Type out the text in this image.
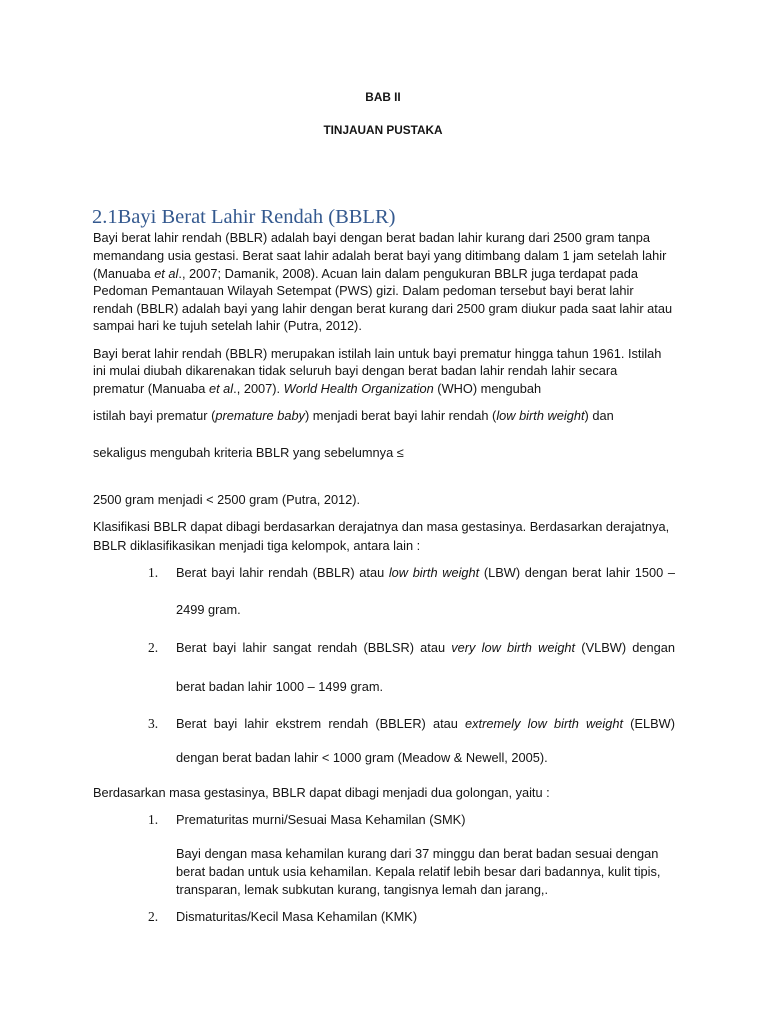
BAB II
TINJAUAN PUSTAKA
2.1Bayi Berat Lahir Rendah (BBLR)
Bayi berat lahir rendah (BBLR) adalah bayi dengan berat badan lahir kurang dari 2500 gram tanpa
memandang usia gestasi. Berat saat lahir adalah berat bayi yang ditimbang dalam 1 jam setelah lahir
(Manuaba et al., 2007; Damanik, 2008). Acuan lain dalam pengukuran BBLR juga terdapat pada
Pedoman Pemantauan Wilayah Setempat (PWS) gizi. Dalam pedoman tersebut bayi berat lahir
rendah (BBLR) adalah bayi yang lahir dengan berat kurang dari 2500 gram diukur pada saat lahir atau
sampai hari ke tujuh setelah lahir (Putra, 2012).
Bayi berat lahir rendah (BBLR) merupakan istilah lain untuk bayi prematur hingga tahun 1961. Istilah
ini mulai diubah dikarenakan tidak seluruh bayi dengan berat badan lahir rendah lahir secara
prematur (Manuaba et al., 2007). World Health Organization (WHO) mengubah
istilah bayi prematur (premature baby) menjadi berat bayi lahir rendah (low birth weight) dan
sekaligus mengubah kriteria BBLR yang sebelumnya ≤
2500 gram menjadi < 2500 gram (Putra, 2012).
Klasifikasi BBLR dapat dibagi berdasarkan derajatnya dan masa gestasinya. Berdasarkan derajatnya,
BBLR diklasifikasikan menjadi tiga kelompok, antara lain :
1. Berat bayi lahir rendah (BBLR) atau low birth weight (LBW) dengan berat lahir 1500 –
2499 gram.
2. Berat bayi lahir sangat rendah (BBLSR) atau very low birth weight (VLBW) dengan
berat badan lahir 1000 – 1499 gram.
3. Berat bayi lahir ekstrem rendah (BBLER) atau extremely low birth weight (ELBW)
dengan berat badan lahir < 1000 gram (Meadow & Newell, 2005).
Berdasarkan masa gestasinya, BBLR dapat dibagi menjadi dua golongan, yaitu :
1. Prematuritas murni/Sesuai Masa Kehamilan (SMK)
Bayi dengan masa kehamilan kurang dari 37 minggu dan berat badan sesuai dengan
berat badan untuk usia kehamilan. Kepala relatif lebih besar dari badannya, kulit tipis,
transparan, lemak subkutan kurang, tangisnya lemah dan jarang,.
2. Dismaturitas/Kecil Masa Kehamilan (KMK)
